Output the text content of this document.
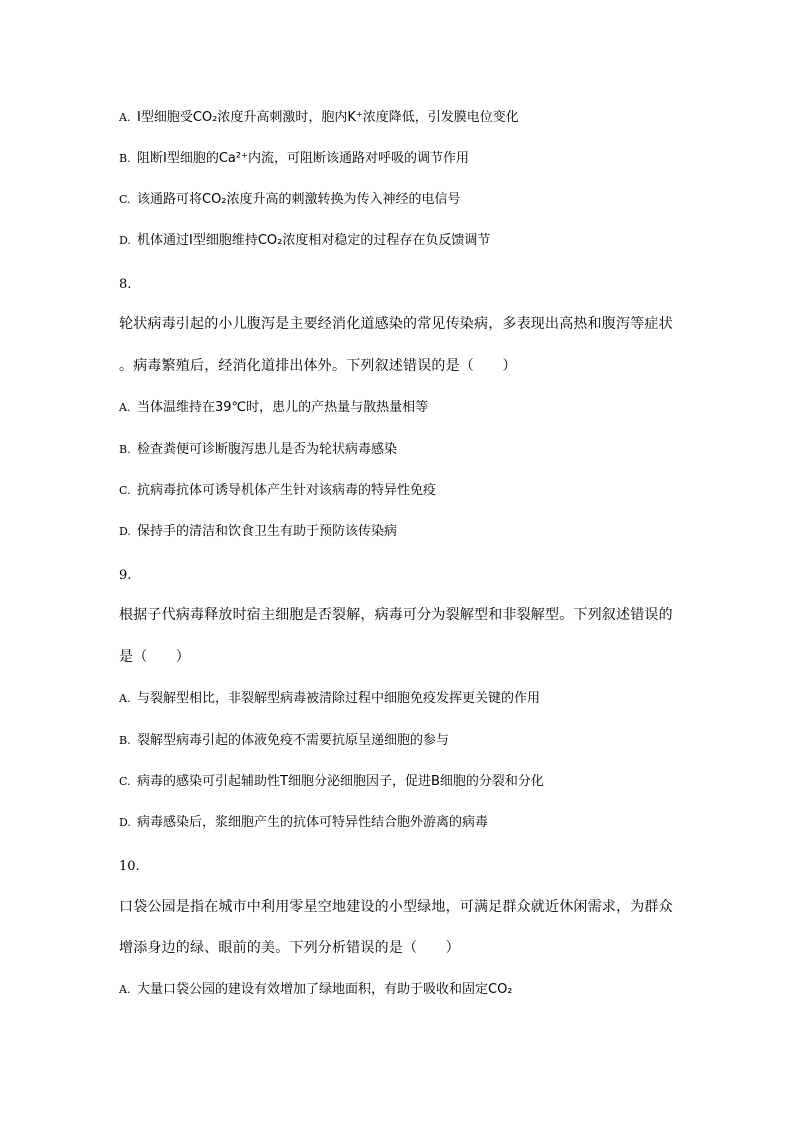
A. Ⅰ型细胞受CO₂浓度升高刺激时，胞内K⁺浓度降低，引发膜电位变化
B. 阻断Ⅰ型细胞的Ca²⁺内流，可阻断该通路对呼吸的调节作用
C. 该通路可将CO₂浓度升高的刺激转换为传入神经的电信号
D. 机体通过Ⅰ型细胞维持CO₂浓度相对稳定的过程存在负反馈调节
8.
轮状病毒引起的小儿腹泻是主要经消化道感染的常见传染病，多表现出高热和腹泻等症状
。病毒繁殖后，经消化道排出体外。下列叙述错误的是（　　）
A. 当体温维持在39℃时，患儿的产热量与散热量相等
B. 检查粪便可诊断腹泻患儿是否为轮状病毒感染
C. 抗病毒抗体可诱导机体产生针对该病毒的特异性免疫
D. 保持手的清洁和饮食卫生有助于预防该传染病
9.
根据子代病毒释放时宿主细胞是否裂解，病毒可分为裂解型和非裂解型。下列叙述错误的
是（　　）
A. 与裂解型相比，非裂解型病毒被清除过程中细胞免疫发挥更关键的作用
B. 裂解型病毒引起的体液免疫不需要抗原呈递细胞的参与
C. 病毒的感染可引起辅助性T细胞分泌细胞因子，促进B细胞的分裂和分化
D. 病毒感染后，浆细胞产生的抗体可特异性结合胞外游离的病毒
10.
口袋公园是指在城市中利用零星空地建设的小型绿地，可满足群众就近休闲需求，为群众
增添身边的绿、眼前的美。下列分析错误的是（　　）
A. 大量口袋公园的建设有效增加了绿地面积，有助于吸收和固定CO₂
